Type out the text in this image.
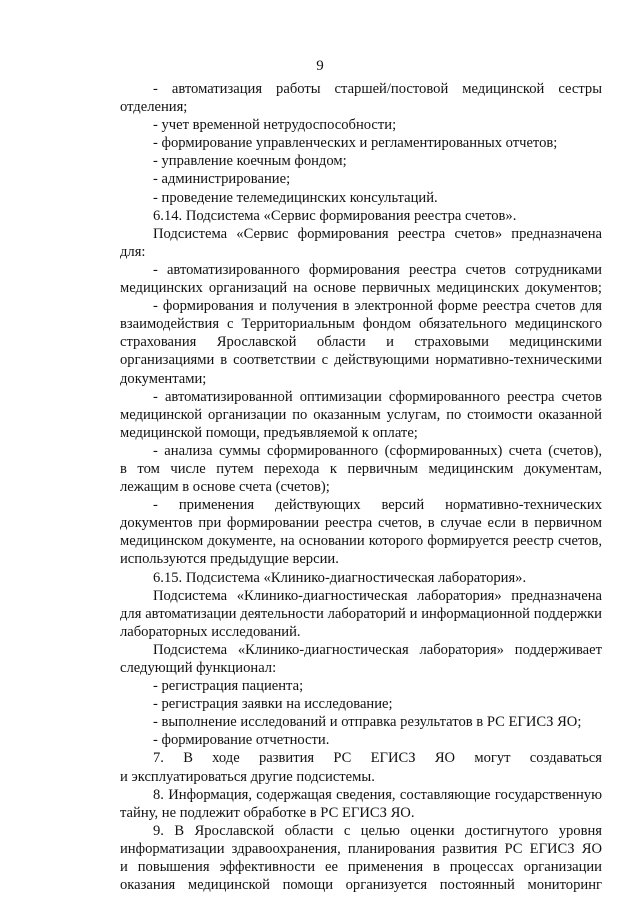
9

- автоматизация работы старшей/постовой медицинской сестры

отделения;

- учет временной нетрудоспособности;

- формирование управленческих и регламентированных отчетов;

- управление коечным фондом;

- администрирование;

- проведение телемедицинских консультаций.

6.14. Подсистема «Сервис формирования реестра счетов».

Подсистема «Сервис формирования реестра счетов» предназначена

для:

- автоматизированного формирования реестра счетов сотрудниками

медицинских организаций на основе первичных медицинских документов;

- формирования и получения в электронной форме реестра счетов для

взаимодействия с Территориальным фондом обязательного медицинского

страхования Ярославской области и страховыми медицинскими

организациями в соответствии с действующими нормативно-техническими

документами;

- автоматизированной оптимизации сформированного реестра счетов

медицинской организации по оказанным услугам, по стоимости оказанной

медицинской помощи, предъявляемой к оплате;

- анализа суммы сформированного (сформированных) счета (счетов),

в том числе путем перехода к первичным медицинским документам,

лежащим в основе счета (счетов);

- применения действующих версий нормативно-технических

документов при формировании реестра счетов, в случае если в первичном

медицинском документе, на основании которого формируется реестр счетов,

используются предыдущие версии.

6.15. Подсистема «Клинико-диагностическая лаборатория».

Подсистема «Клинико-диагностическая лаборатория» предназначена

для автоматизации деятельности лабораторий и информационной поддержки

лабораторных исследований.

Подсистема «Клинико-диагностическая лаборатория» поддерживает

следующий функционал:

- регистрация пациента;

- регистрация заявки на исследование;

- выполнение исследований и отправка результатов в РС ЕГИСЗ ЯО;

- формирование отчетности.

7. В ходе развития РС ЕГИСЗ ЯО могут создаваться

и эксплуатироваться другие подсистемы.

8. Информация, содержащая сведения, составляющие государственную

тайну, не подлежит обработке в РС ЕГИСЗ ЯО.

9. В Ярославской области с целью оценки достигнутого уровня

информатизации здравоохранения, планирования развития РС ЕГИСЗ ЯО

и повышения эффективности ее применения в процессах организации

оказания медицинской помощи организуется постоянный мониторинг
